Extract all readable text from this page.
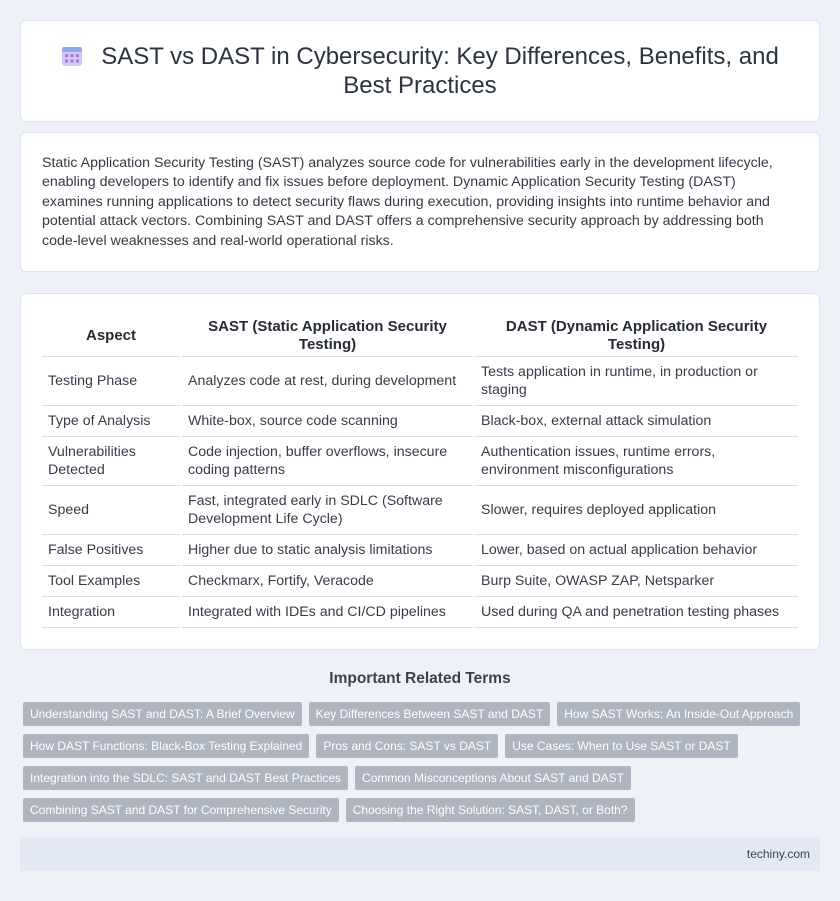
SAST vs DAST in Cybersecurity: Key Differences, Benefits, and Best Practices

Static Application Security Testing (SAST) analyzes source code for vulnerabilities early in the development lifecycle, enabling developers to identify and fix issues before deployment. Dynamic Application Security Testing (DAST) examines running applications to detect security flaws during execution, providing insights into runtime behavior and potential attack vectors. Combining SAST and DAST offers a comprehensive security approach by addressing both code-level weaknesses and real-world operational risks.

Aspect	SAST (Static Application Security Testing)	DAST (Dynamic Application Security Testing)
Testing Phase	Analyzes code at rest, during development	Tests application in runtime, in production or staging
Type of Analysis	White-box, source code scanning	Black-box, external attack simulation
Vulnerabilities Detected	Code injection, buffer overflows, insecure coding patterns	Authentication issues, runtime errors, environment misconfigurations
Speed	Fast, integrated early in SDLC (Software Development Life Cycle)	Slower, requires deployed application
False Positives	Higher due to static analysis limitations	Lower, based on actual application behavior
Tool Examples	Checkmarx, Fortify, Veracode	Burp Suite, OWASP ZAP, Netsparker
Integration	Integrated with IDEs and CI/CD pipelines	Used during QA and penetration testing phases
Important Related Terms
Understanding SAST and DAST: A Brief Overview	Key Differences Between SAST and DAST	How SAST Works: An Inside-Out Approach
How DAST Functions: Black-Box Testing Explained	Pros and Cons: SAST vs DAST	Use Cases: When to Use SAST or DAST
Integration into the SDLC: SAST and DAST Best Practices	Common Misconceptions About SAST and DAST
Combining SAST and DAST for Comprehensive Security	Choosing the Right Solution: SAST, DAST, or Both?
techiny.com
